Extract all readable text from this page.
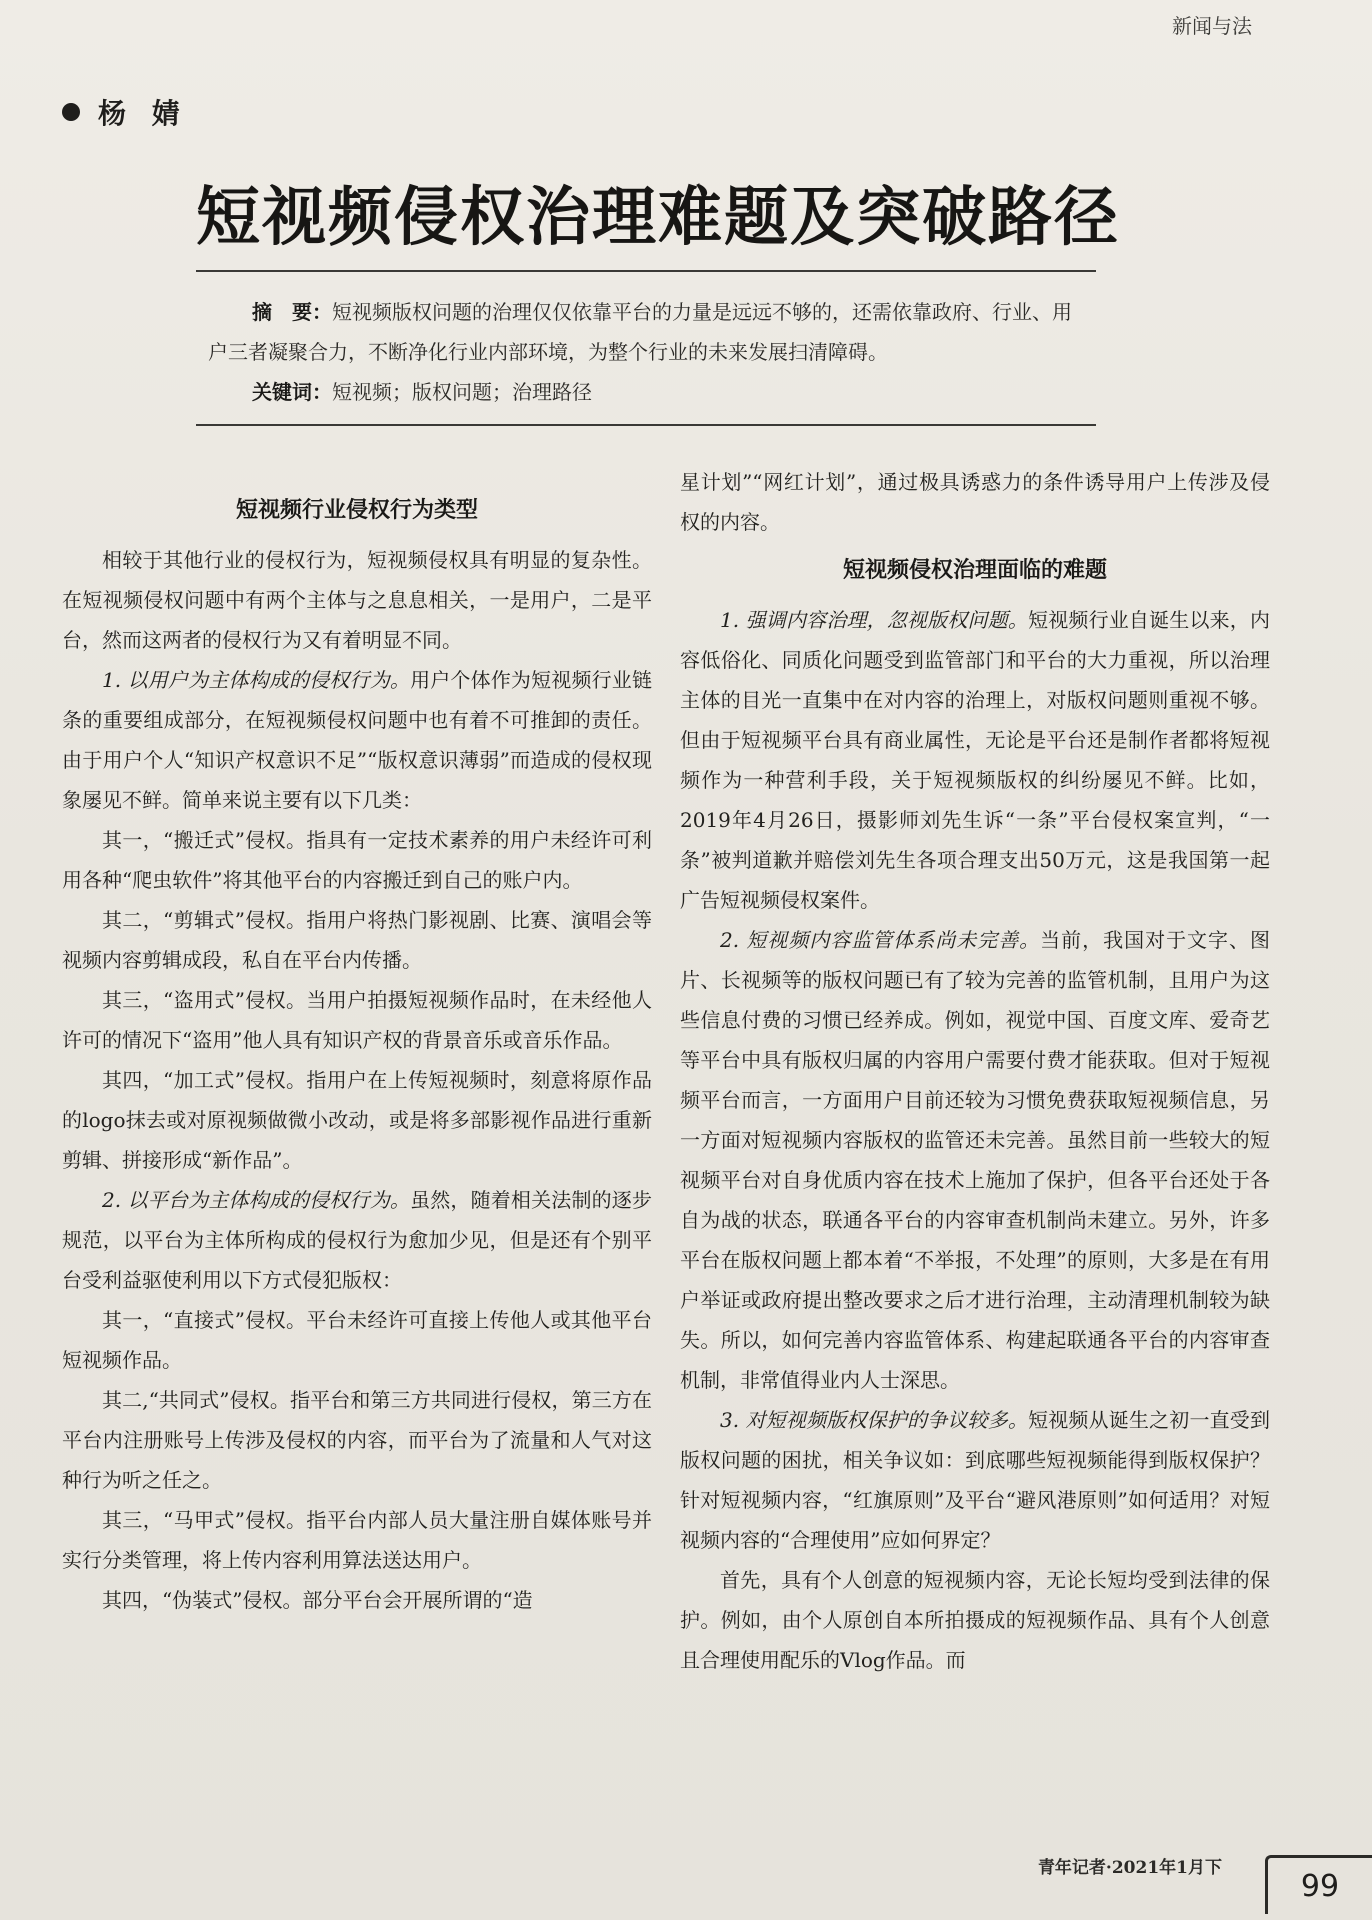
新闻与法
杨 婧
短视频侵权治理难题及突破路径

摘　要：短视频版权问题的治理仅仅依靠平台的力量是远远不够的，还需依靠政府、行业、用户三者凝聚合力，不断净化行业内部环境，为整个行业的未来发展扫清障碍。

关键词：短视频；版权问题；治理路径

短视频行业侵权行为类型

相较于其他行业的侵权行为，短视频侵权具有明显的复杂性。在短视频侵权问题中有两个主体与之息息相关，一是用户，二是平台，然而这两者的侵权行为又有着明显不同。

1. 以用户为主体构成的侵权行为。用户个体作为短视频行业链条的重要组成部分，在短视频侵权问题中也有着不可推卸的责任。由于用户个人“知识产权意识不足”“版权意识薄弱”而造成的侵权现象屡见不鲜。简单来说主要有以下几类：

其一，“搬迁式”侵权。指具有一定技术素养的用户未经许可利用各种“爬虫软件”将其他平台的内容搬迁到自己的账户内。

其二，“剪辑式”侵权。指用户将热门影视剧、比赛、演唱会等视频内容剪辑成段，私自在平台内传播。

其三，“盗用式”侵权。当用户拍摄短视频作品时，在未经他人许可的情况下“盗用”他人具有知识产权的背景音乐或音乐作品。

其四，“加工式”侵权。指用户在上传短视频时，刻意将原作品的logo抹去或对原视频做微小改动，或是将多部影视作品进行重新剪辑、拼接形成“新作品”。

2. 以平台为主体构成的侵权行为。虽然，随着相关法制的逐步规范，以平台为主体所构成的侵权行为愈加少见，但是还有个别平台受利益驱使利用以下方式侵犯版权：

其一，“直接式”侵权。平台未经许可直接上传他人或其他平台短视频作品。

其二,“共同式”侵权。指平台和第三方共同进行侵权，第三方在平台内注册账号上传涉及侵权的内容，而平台为了流量和人气对这种行为听之任之。

其三，“马甲式”侵权。指平台内部人员大量注册自媒体账号并实行分类管理，将上传内容利用算法送达用户。

其四，“伪装式”侵权。部分平台会开展所谓的“造

星计划”“网红计划”，通过极具诱惑力的条件诱导用户上传涉及侵权的内容。

短视频侵权治理面临的难题

1. 强调内容治理，忽视版权问题。短视频行业自诞生以来，内容低俗化、同质化问题受到监管部门和平台的大力重视，所以治理主体的目光一直集中在对内容的治理上，对版权问题则重视不够。但由于短视频平台具有商业属性，无论是平台还是制作者都将短视频作为一种营利手段，关于短视频版权的纠纷屡见不鲜。比如，2019年4月26日，摄影师刘先生诉“一条”平台侵权案宣判，“一条”被判道歉并赔偿刘先生各项合理支出50万元，这是我国第一起广告短视频侵权案件。

2. 短视频内容监管体系尚未完善。当前，我国对于文字、图片、长视频等的版权问题已有了较为完善的监管机制，且用户为这些信息付费的习惯已经养成。例如，视觉中国、百度文库、爱奇艺等平台中具有版权归属的内容用户需要付费才能获取。但对于短视频平台而言，一方面用户目前还较为习惯免费获取短视频信息，另一方面对短视频内容版权的监管还未完善。虽然目前一些较大的短视频平台对自身优质内容在技术上施加了保护，但各平台还处于各自为战的状态，联通各平台的内容审查机制尚未建立。另外，许多平台在版权问题上都本着“不举报，不处理”的原则，大多是在有用户举证或政府提出整改要求之后才进行治理，主动清理机制较为缺失。所以，如何完善内容监管体系、构建起联通各平台的内容审查机制，非常值得业内人士深思。

3. 对短视频版权保护的争议较多。短视频从诞生之初一直受到版权问题的困扰，相关争议如：到底哪些短视频能得到版权保护？针对短视频内容，“红旗原则”及平台“避风港原则”如何适用？对短视频内容的“合理使用”应如何界定？

首先，具有个人创意的短视频内容，无论长短均受到法律的保护。例如，由个人原创自本所拍摄成的短视频作品、具有个人创意且合理使用配乐的Vlog作品。而

青年记者·2021年1月下
99
